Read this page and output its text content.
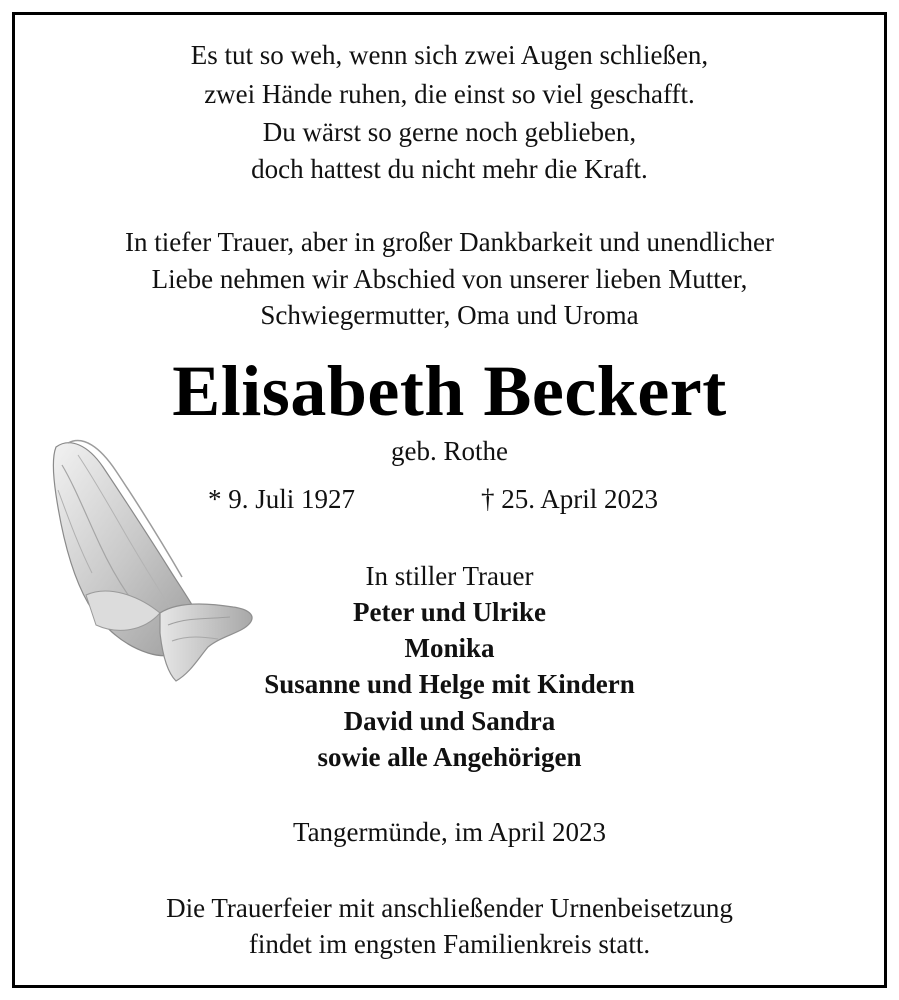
Es tut so weh, wenn sich zwei Augen schließen,
zwei Hände ruhen, die einst so viel geschafft.
Du wärst so gerne noch geblieben,
doch hattest du nicht mehr die Kraft.
In tiefer Trauer, aber in großer Dankbarkeit und unendlicher
Liebe nehmen wir Abschied von unserer lieben Mutter,
Schwiegermutter, Oma und Uroma
Elisabeth Beckert
geb. Rothe
* 9. Juli 1927	† 25. April 2023
In stiller Trauer
Peter und Ulrike
Monika
Susanne und Helge mit Kindern
David und Sandra
sowie alle Angehörigen
Tangermünde, im April 2023
Die Trauerfeier mit anschließender Urnenbeisetzung
findet im engsten Familienkreis statt.
